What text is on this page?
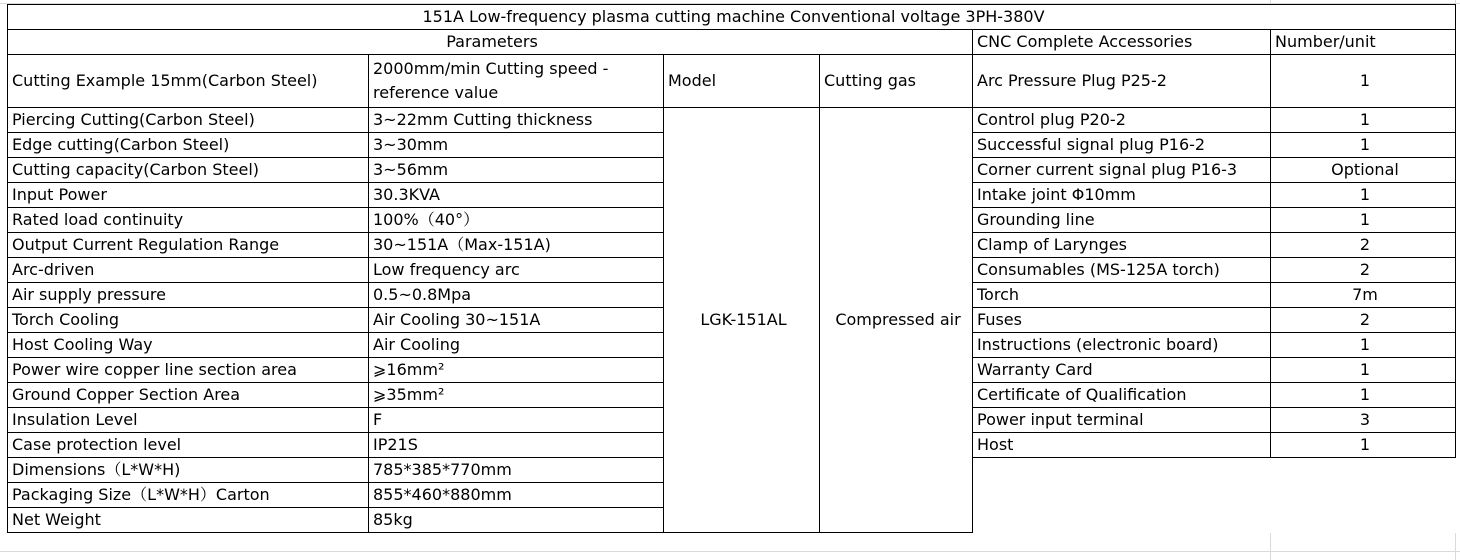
151A Low-frequency plasma cutting machine Conventional voltage 3PH-380V					
Parameters				CNC Complete Accessories	Number/unit
Cutting Example 15mm(Carbon Steel)	2000mm/min Cutting speed -reference value	Model	Cutting gas	Arc Pressure Plug P25-2	1
Piercing Cutting(Carbon Steel)	3~22mm Cutting thickness	LGK-151AL	Compressed air	Control plug P20-2	1
Edge cutting(Carbon Steel)	3~30mm			Successful signal plug P16-2	1
Cutting capacity(Carbon Steel)	3~56mm			Corner current signal plug P16-3	Optional
Input Power	30.3KVA			Intake joint Φ10mm	1
Rated load continuity	100%（40°）			Grounding line	1
Output Current Regulation Range	30~151A（Max-151A)			Clamp of Larynges	2
Arc-driven	Low frequency arc			Consumables (MS-125A torch)	2
Air supply pressure	0.5~0.8Mpa			Torch	7m
Torch Cooling	Air Cooling 30~151A			Fuses	2
Host Cooling Way	Air Cooling			Instructions (electronic board)	1
Power wire copper line section area	⩾16mm²			Warranty Card	1
Ground Copper Section Area	⩾35mm²			Certificate of Qualification	1
Insulation Level	F			Power input terminal	3
Case protection level	IP21S			Host	1
Dimensions（L*W*H)	785*385*770mm				
Packaging Size（L*W*H）Carton	855*460*880mm				
Net Weight	85kg				
